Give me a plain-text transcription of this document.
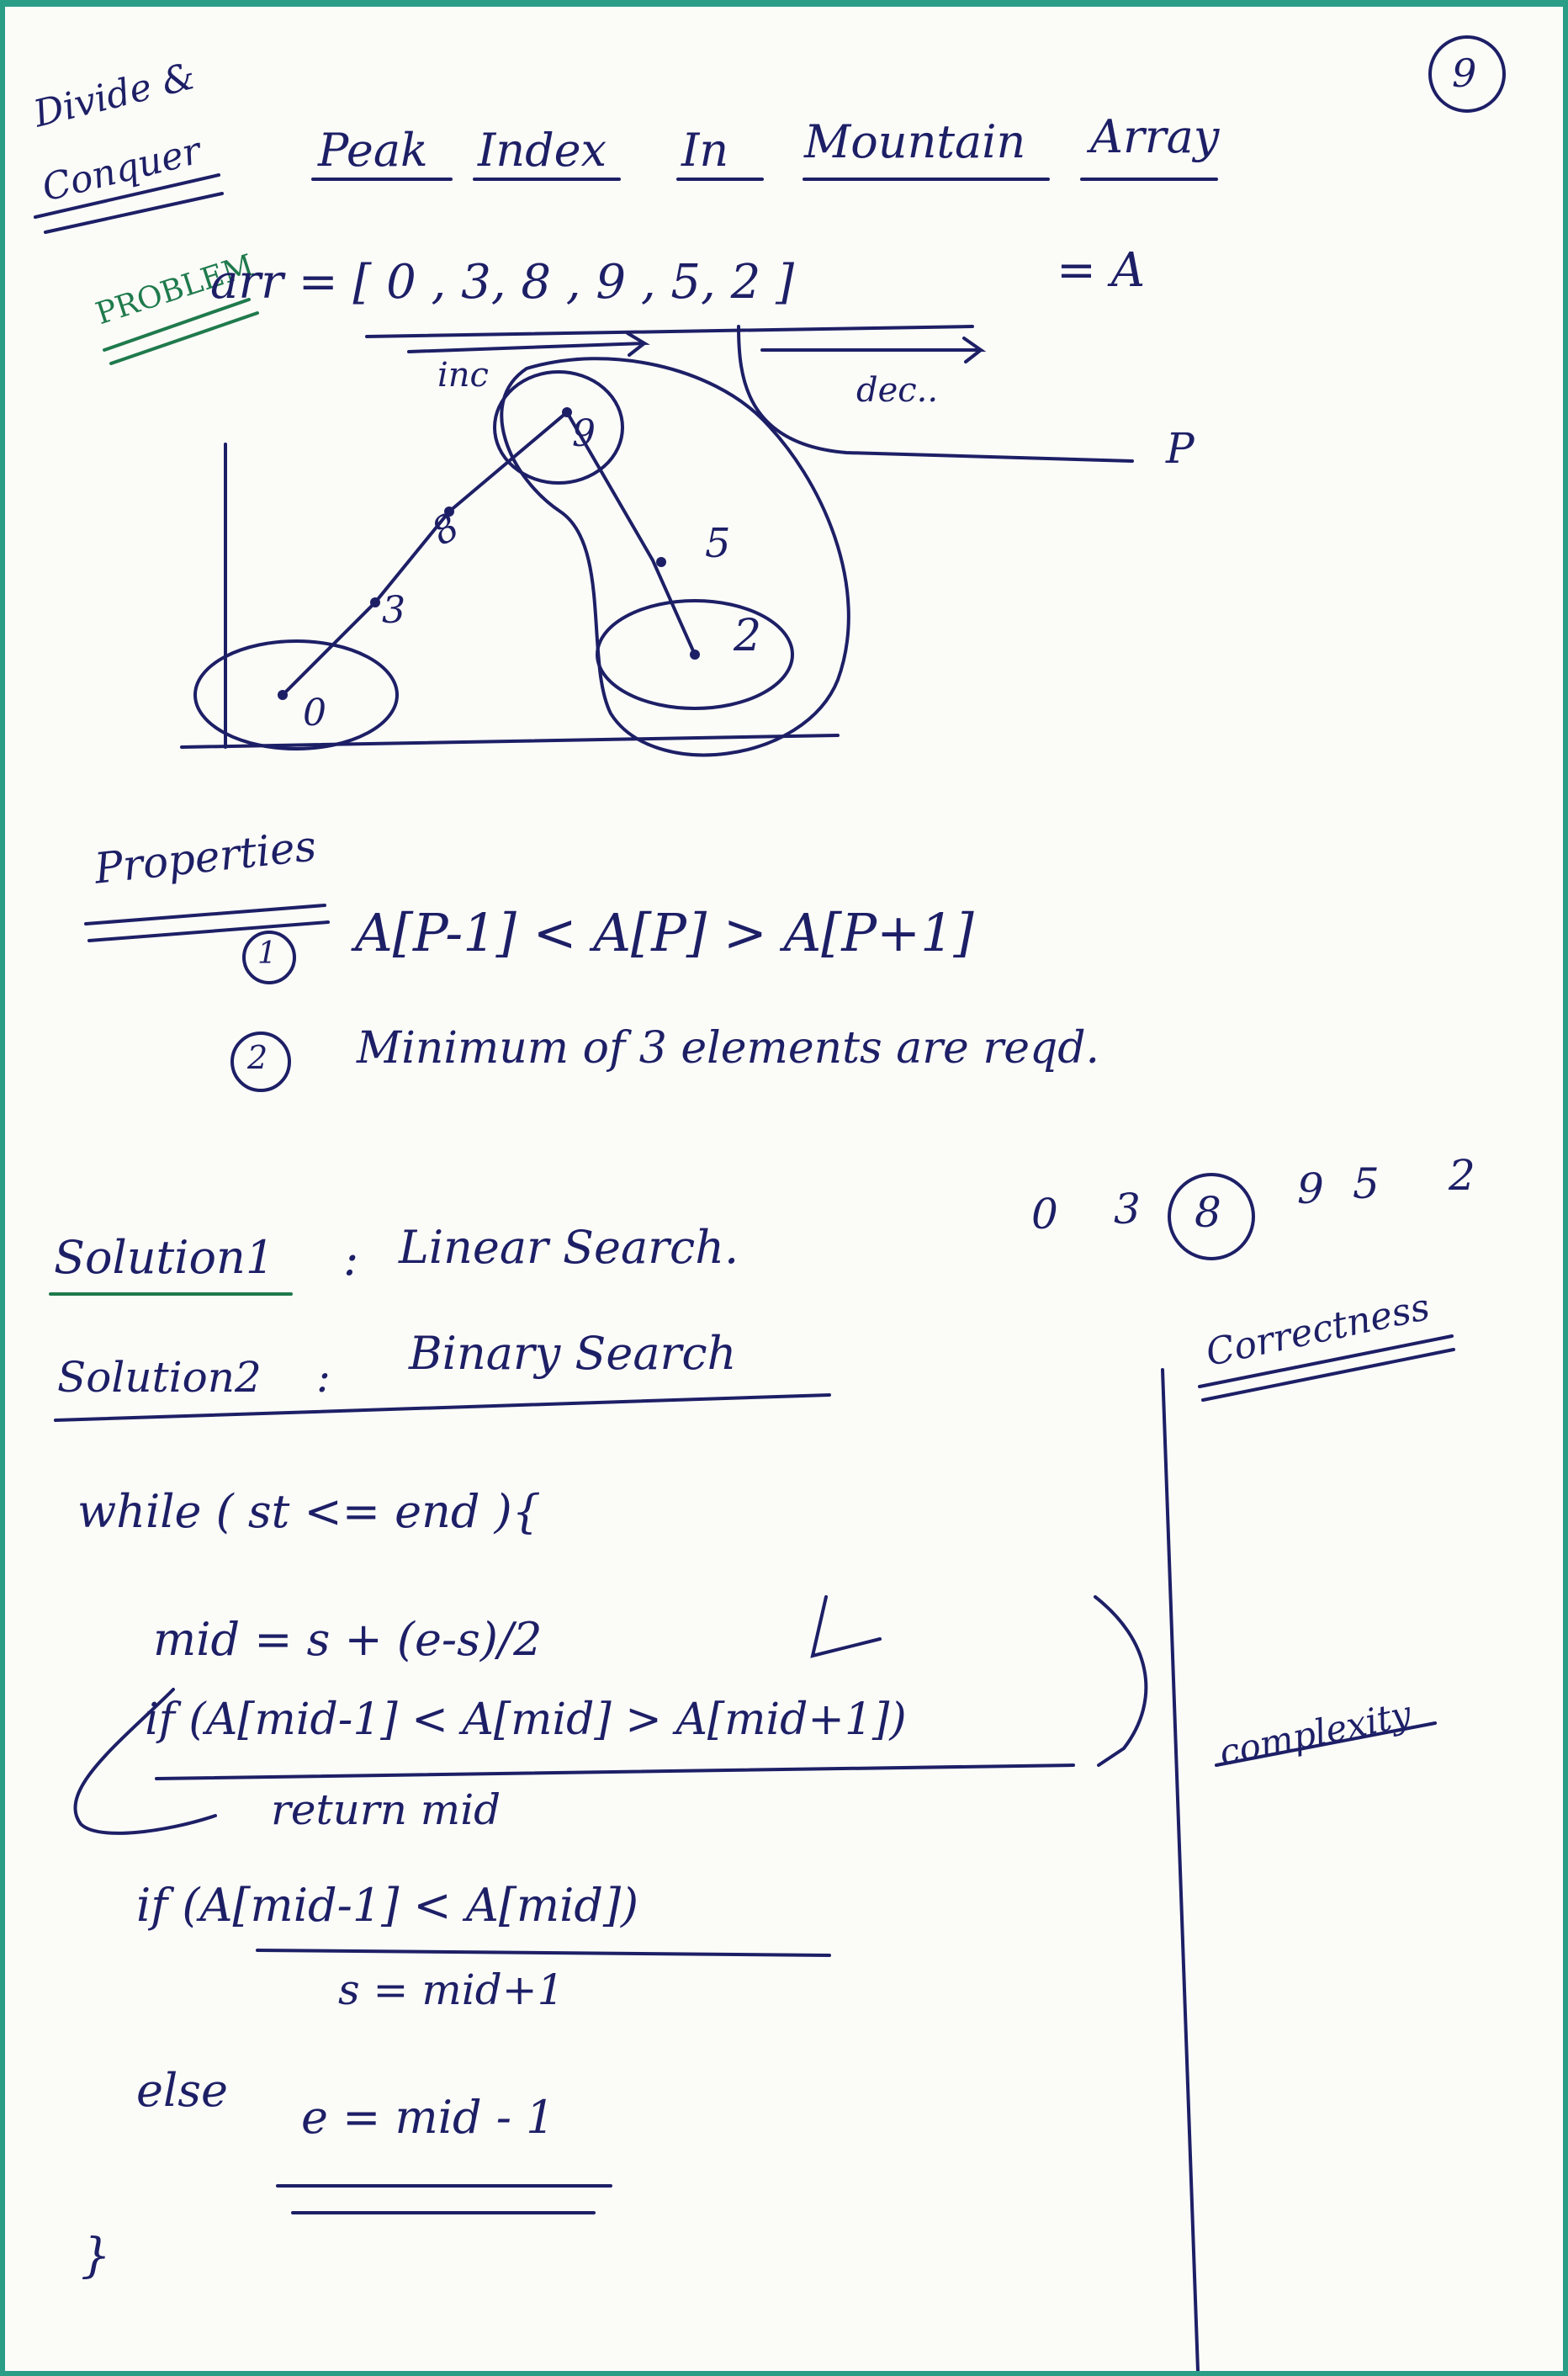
9
Divide &
Conquer Peak Index In Mountain Array
PROBLEM
arr = [ 0 , 3, 8 , 9 , 5, 2 ]	= A
inc	dec..
P
0
3
8
9
5
2
Properties
1 A[P-1] < A[P] > A[P+1]
2 Minimum of 3 elements are reqd.
0 3 8 9 5 2
Solution1 : Linear Search.
Solution2 : Binary Search	Correctness
complexity
while ( st <= end ){
mid = s + (e-s)/2
if (A[mid-1] < A[mid] > A[mid+1])
return mid
if (A[mid-1] < A[mid])
s = mid+1
else
e = mid - 1
}
